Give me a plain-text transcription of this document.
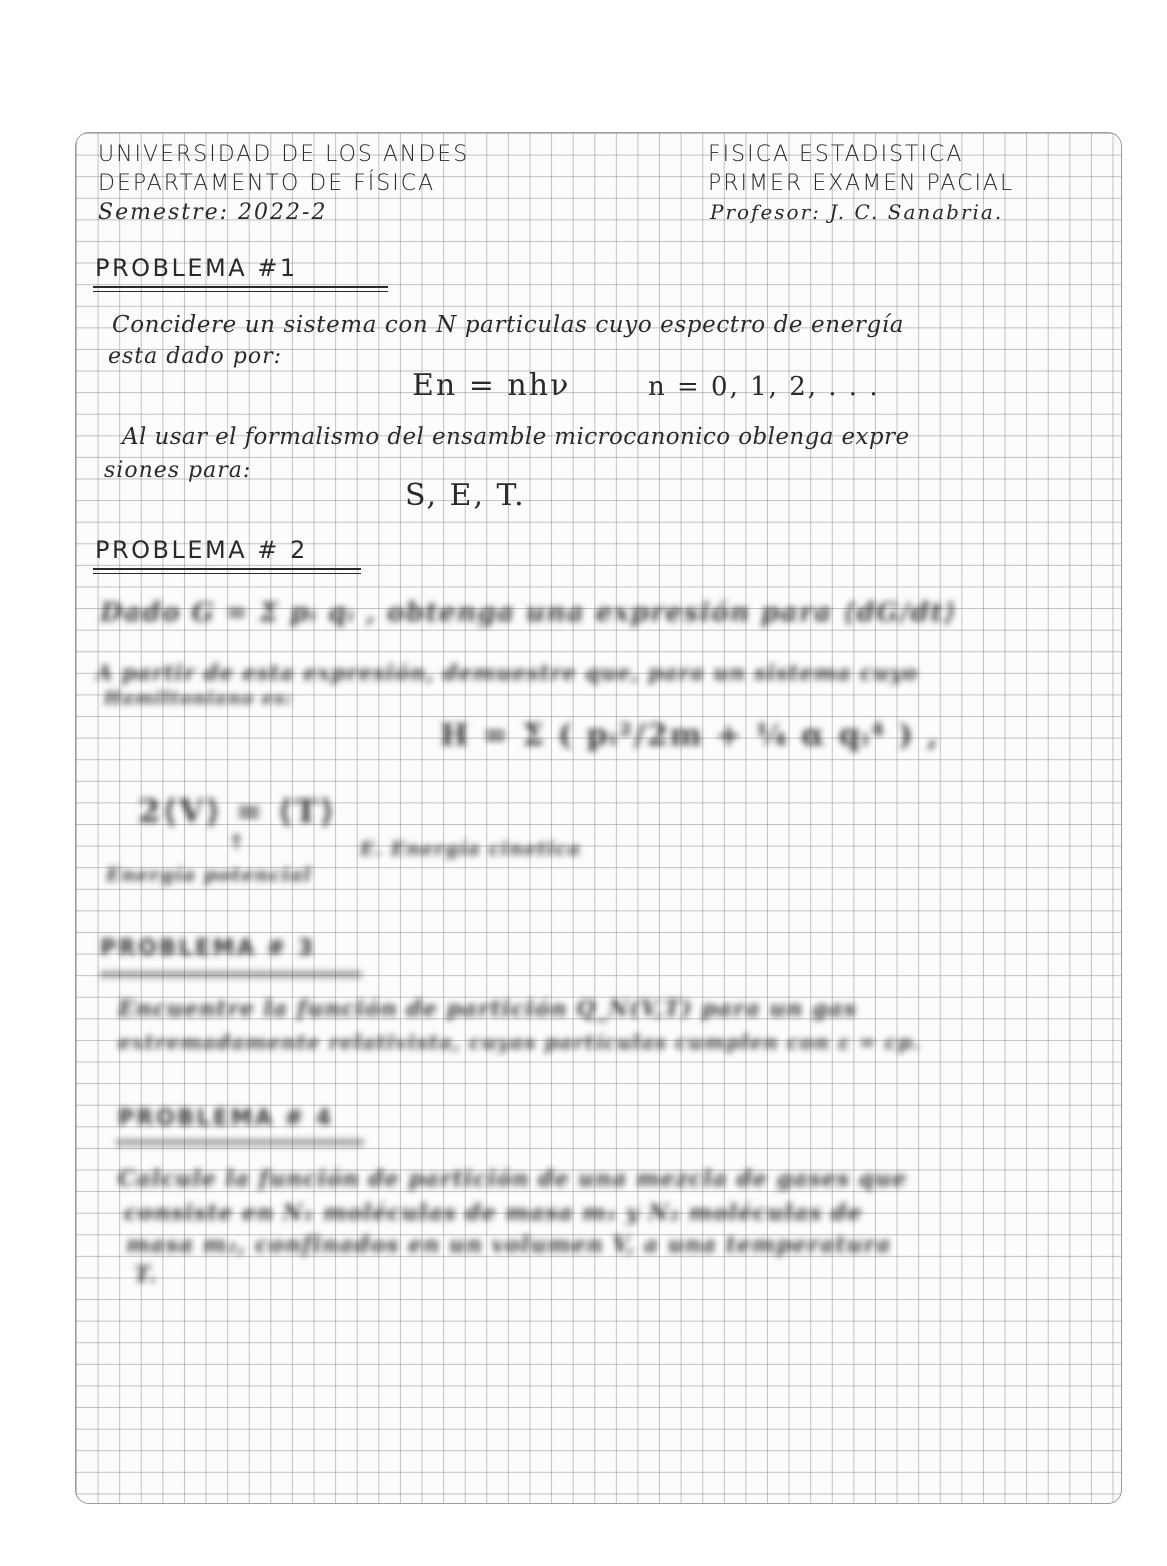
UNIVERSIDAD DE LOS ANDES
DEPARTAMENTO DE FÍSICA
Semestre: 2022-2
FISICA ESTADISTICA
PRIMER EXAMEN PACIAL
Profesor: J. C. Sanabria.
PROBLEMA #1
Concidere un sistema con N particulas cuyo espectro de energía
esta dado por:
En = nhν	n = 0, 1, 2, . . .
Al usar el formalismo del ensamble microcanonico oblenga expre
siones para:
S, E, T.
PROBLEMA # 2
Dado G = Σ pᵢ qᵢ , obtenga una expresión para ⟨dG/dt⟩
A partir de esta expresión, demuestre que, para un sistema cuyo
Hamiltoniano es:
H = Σ ( pᵢ²/2m + ¼ α qᵢ⁴ ) ,
2⟨V⟩ = ⟨T⟩
E. Energía cinetica
↑
Energía potencial
PROBLEMA # 3
Encuentre la función de partición Q_N(V,T) para un gas
extremadamente relativista, cuyas partículas cumplen con ε = cp.
PROBLEMA # 4
Calcule la función de partición de una mezcla de gases que
consiste en N₁ moléculas de masa m₁ y N₂ moléculas de
masa m₂, confinados en un volumen V, a una temperatura
T.
